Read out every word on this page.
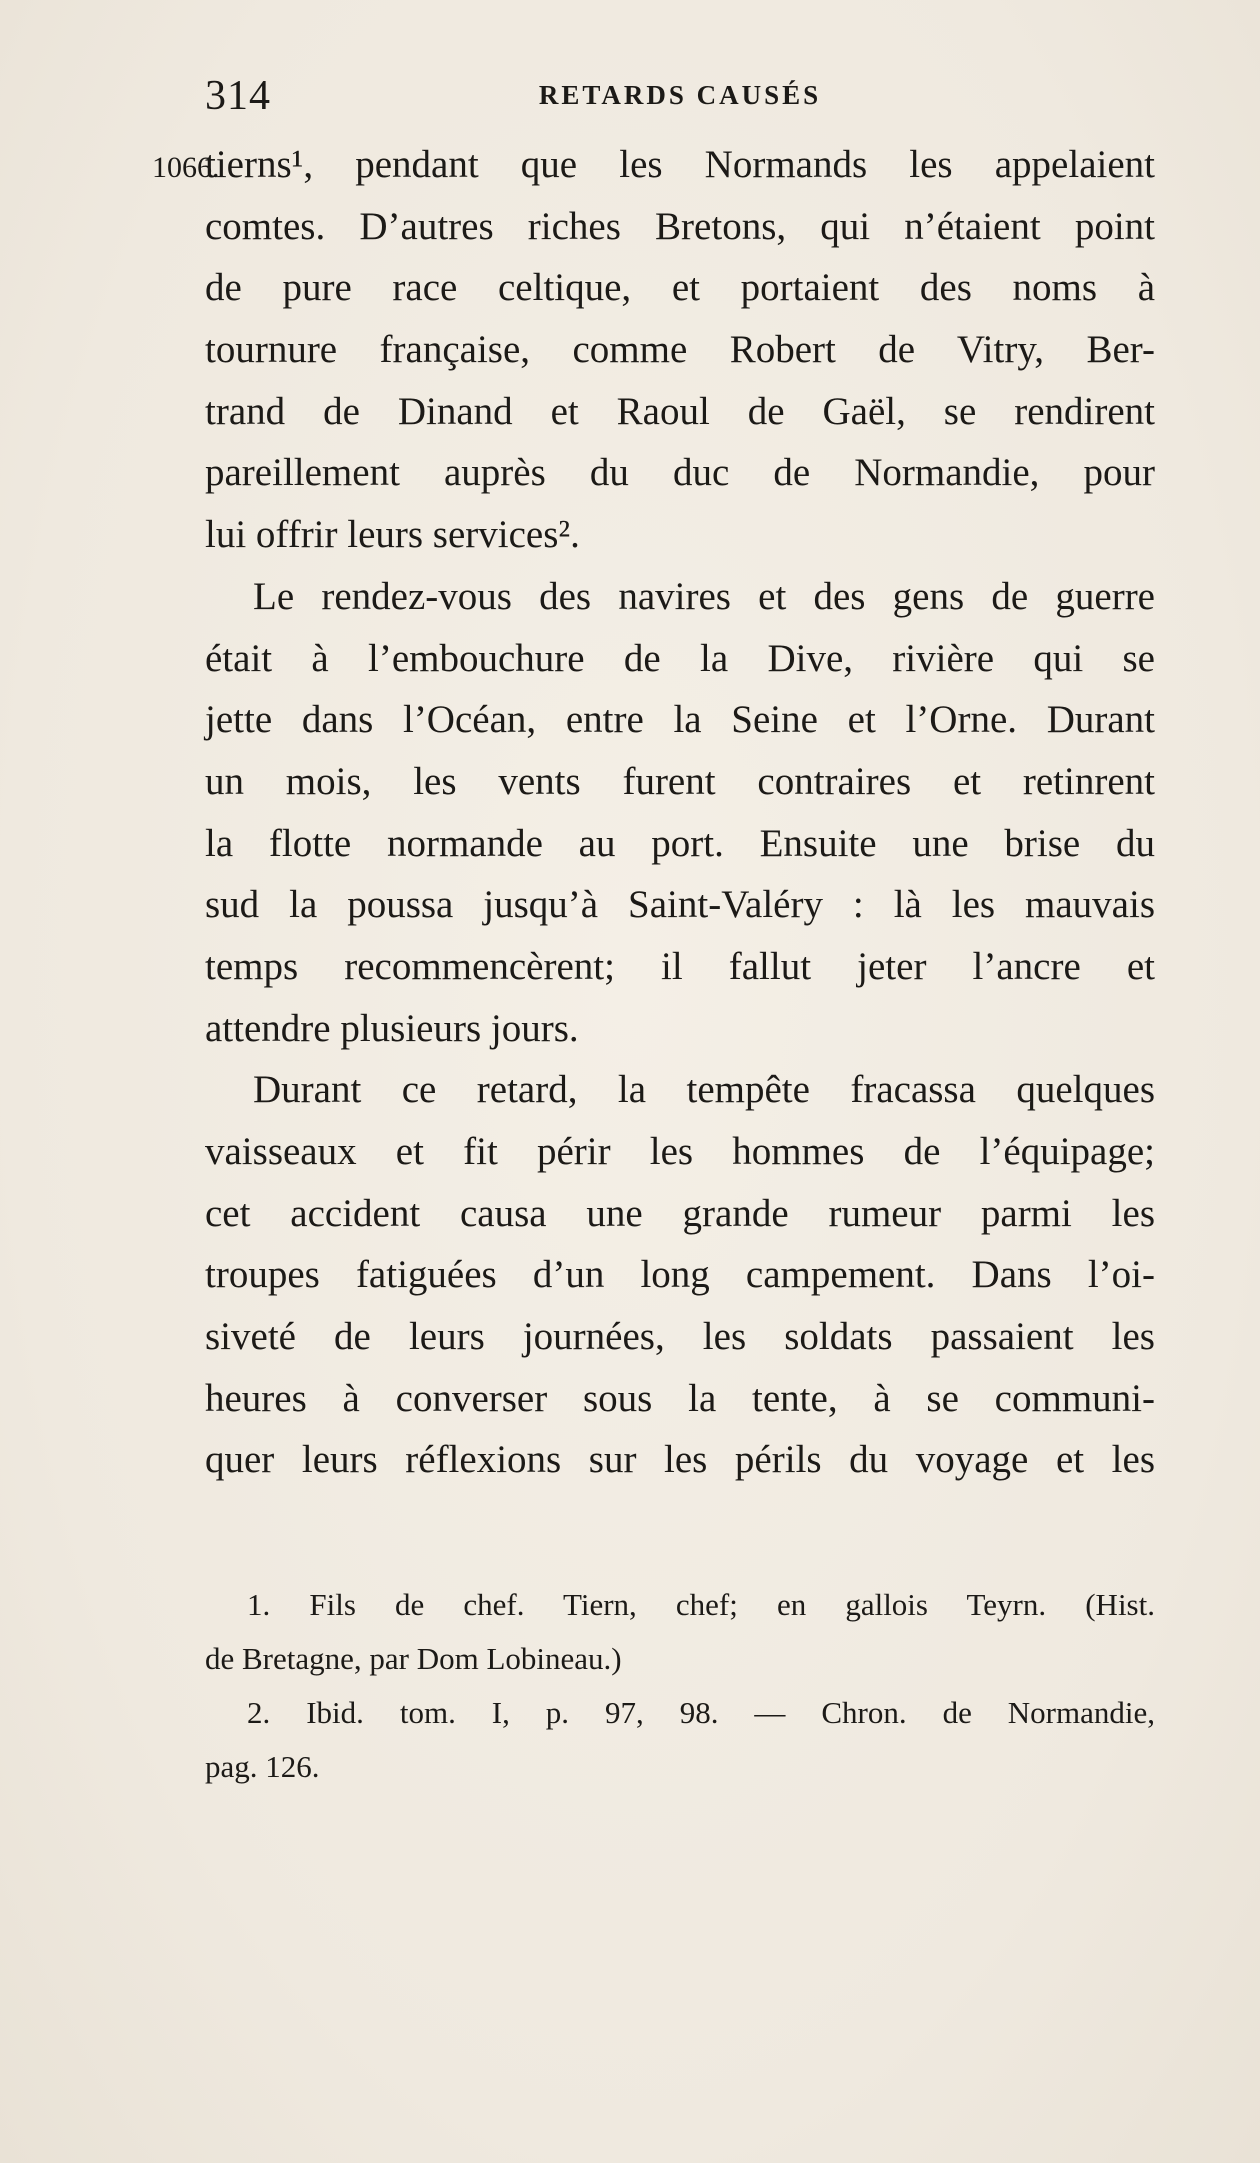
314	RETARDS CAUSÉS
1066.
tierns¹, pendant que les Normands les appelaient
comtes. D’autres riches Bretons, qui n’étaient point
de pure race celtique, et portaient des noms à
tournure française, comme Robert de Vitry, Ber-
trand de Dinand et Raoul de Gaël, se rendirent
pareillement auprès du duc de Normandie, pour
lui offrir leurs services².
Le rendez-vous des navires et des gens de guerre
était à l’embouchure de la Dive, rivière qui se
jette dans l’Océan, entre la Seine et l’Orne. Durant
un mois, les vents furent contraires et retinrent
la flotte normande au port. Ensuite une brise du
sud la poussa jusqu’à Saint-Valéry : là les mauvais
temps recommencèrent; il fallut jeter l’ancre et
attendre plusieurs jours.
Durant ce retard, la tempête fracassa quelques
vaisseaux et fit périr les hommes de l’équipage;
cet accident causa une grande rumeur parmi les
troupes fatiguées d’un long campement. Dans l’oi-
siveté de leurs journées, les soldats passaient les
heures à converser sous la tente, à se communi-
quer leurs réflexions sur les périls du voyage et les
1. Fils de chef. Tiern, chef; en gallois Teyrn. (Hist.
de Bretagne, par Dom Lobineau.)
2. Ibid. tom. I, p. 97, 98. — Chron. de Normandie,
pag. 126.
